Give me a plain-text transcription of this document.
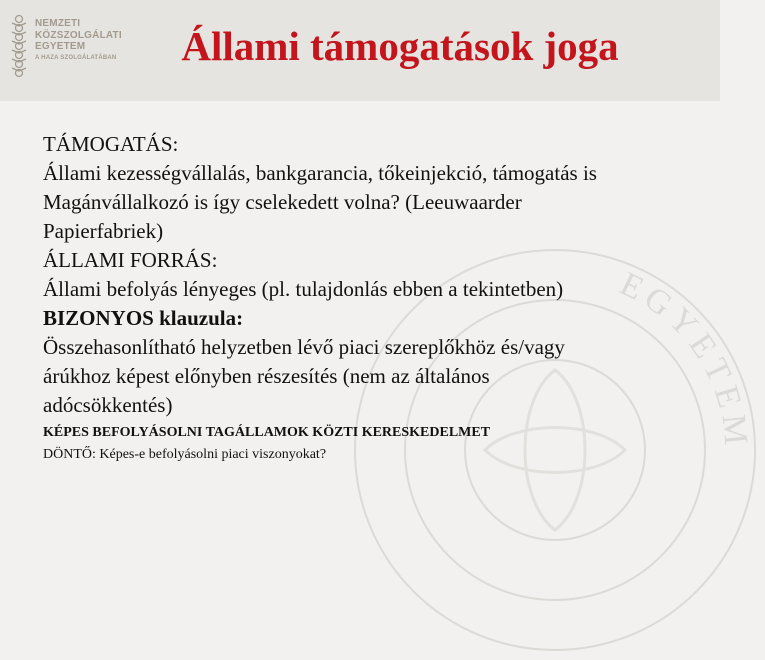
NEMZETI
KÖZSZOLGÁLATI
EGYETEM
A HAZA SZOLGÁLATÁBAN	Állami támogatások joga
EGYETEM

TÁMOGATÁS:

Állami kezességvállalás, bankgarancia, tőkeinjekció, támogatás is

Magánvállalkozó is így cselekedett volna? (Leeuwaarder

Papierfabriek)

ÁLLAMI FORRÁS:

Állami befolyás lényeges (pl. tulajdonlás ebben a tekintetben)

BIZONYOS klauzula:

Összehasonlítható helyzetben lévő piaci szereplőkhöz és/vagy

árúkhoz képest előnyben részesítés (nem az általános

adócsökkentés)

KÉPES BEFOLYÁSOLNI TAGÁLLAMOK KÖZTI KERESKEDELMET

DÖNTŐ: Képes-e befolyásolni piaci viszonyokat?
